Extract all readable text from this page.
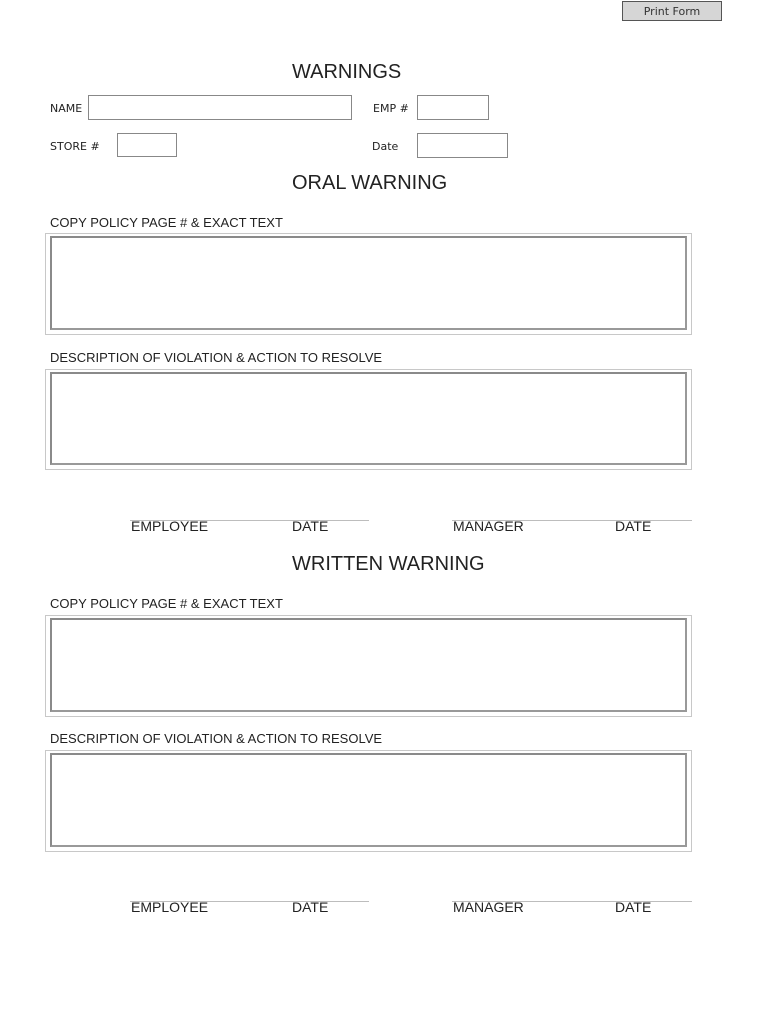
Print Form
WARNINGS
NAME	EMP #
STORE #	Date
ORAL WARNING
COPY POLICY PAGE # & EXACT TEXT
DESCRIPTION OF VIOLATION & ACTION TO RESOLVE
EMPLOYEE	DATE	MANAGER	DATE
WRITTEN WARNING
COPY POLICY PAGE # & EXACT TEXT
DESCRIPTION OF VIOLATION & ACTION TO RESOLVE
EMPLOYEE	DATE	MANAGER	DATE
